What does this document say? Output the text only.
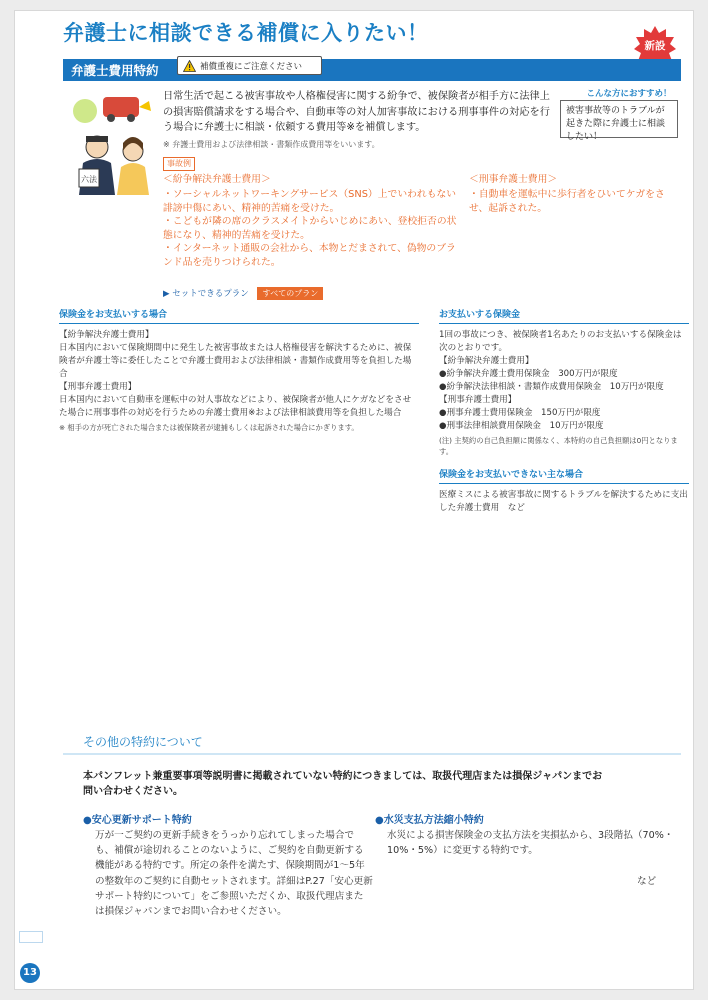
弁護士に相談できる補償に入りたい！
新設
弁護士費用特約	補償重複にご注意ください
六法
日常生活で起こる被害事故や人格権侵害に関する紛争で、被保険者が相手方に法律上の損害賠償請求をする場合や、自動車等の対人加害事故における刑事事件の対応を行う場合に弁護士に相談・依頼する費用等※を補償します。
※ 弁護士費用および法律相談・書類作成費用等をいいます。
こんな方におすすめ！
被害事故等のトラブルが起きた際に弁護士に相談したい！
事故例
＜紛争解決弁護士費用＞
・ソーシャルネットワーキングサービス（SNS）上でいわれもない誹謗中傷にあい、精神的苦痛を受けた。
・こどもが隣の席のクラスメイトからいじめにあい、登校拒否の状態になり、精神的苦痛を受けた。
・インターネット通販の会社から、本物とだまされて、偽物のブランド品を売りつけられた。
＜刑事弁護士費用＞
・自動車を運転中に歩行者をひいてケガをさせ、起訴された。
▶ セットできるプラン すべてのプラン
保険金をお支払いする場合
【紛争解決弁護士費用】
日本国内において保険期間中に発生した被害事故または人格権侵害を解決するために、被保険者が弁護士等に委任したことで弁護士費用および法律相談・書類作成費用等を負担した場合
【刑事弁護士費用】
日本国内において自動車を運転中の対人事故などにより、被保険者が他人にケガなどをさせた場合に刑事事件の対応を行うための弁護士費用※および法律相談費用等を負担した場合
※ 相手の方が死亡された場合または被保険者が逮捕もしくは起訴された場合にかぎります。
お支払いする保険金
1回の事故につき、被保険者1名あたりのお支払いする保険金は次のとおりです。
【紛争解決弁護士費用】
●紛争解決弁護士費用保険金　300万円が限度
●紛争解決法律相談・書類作成費用保険金　10万円が限度
【刑事弁護士費用】
●刑事弁護士費用保険金　150万円が限度
●刑事法律相談費用保険金　10万円が限度
(注) 主契約の自己負担額に関係なく、本特約の自己負担額は0円となります。
保険金をお支払いできない主な場合
医療ミスによる被害事故に関するトラブルを解決するために支出した弁護士費用　など
その他の特約について
本パンフレット兼重要事項等説明書に掲載されていない特約につきましては、取扱代理店または損保ジャパンまでお問い合わせください。
●安心更新サポート特約
万が一ご契約の更新手続きをうっかり忘れてしまった場合でも、補償が途切れることのないように、ご契約を自動更新する機能がある特約です。所定の条件を満たす、保険期間が1～5年の整数年のご契約に自動セットされます。詳細はP.27「安心更新サポート特約について」をご参照いただくか、取扱代理店または損保ジャパンまでお問い合わせください。
●水災支払方法縮小特約
水災による損害保険金の支払方法を実損払から、3段階払（70%・10%・5%）に変更する特約です。
など
13
